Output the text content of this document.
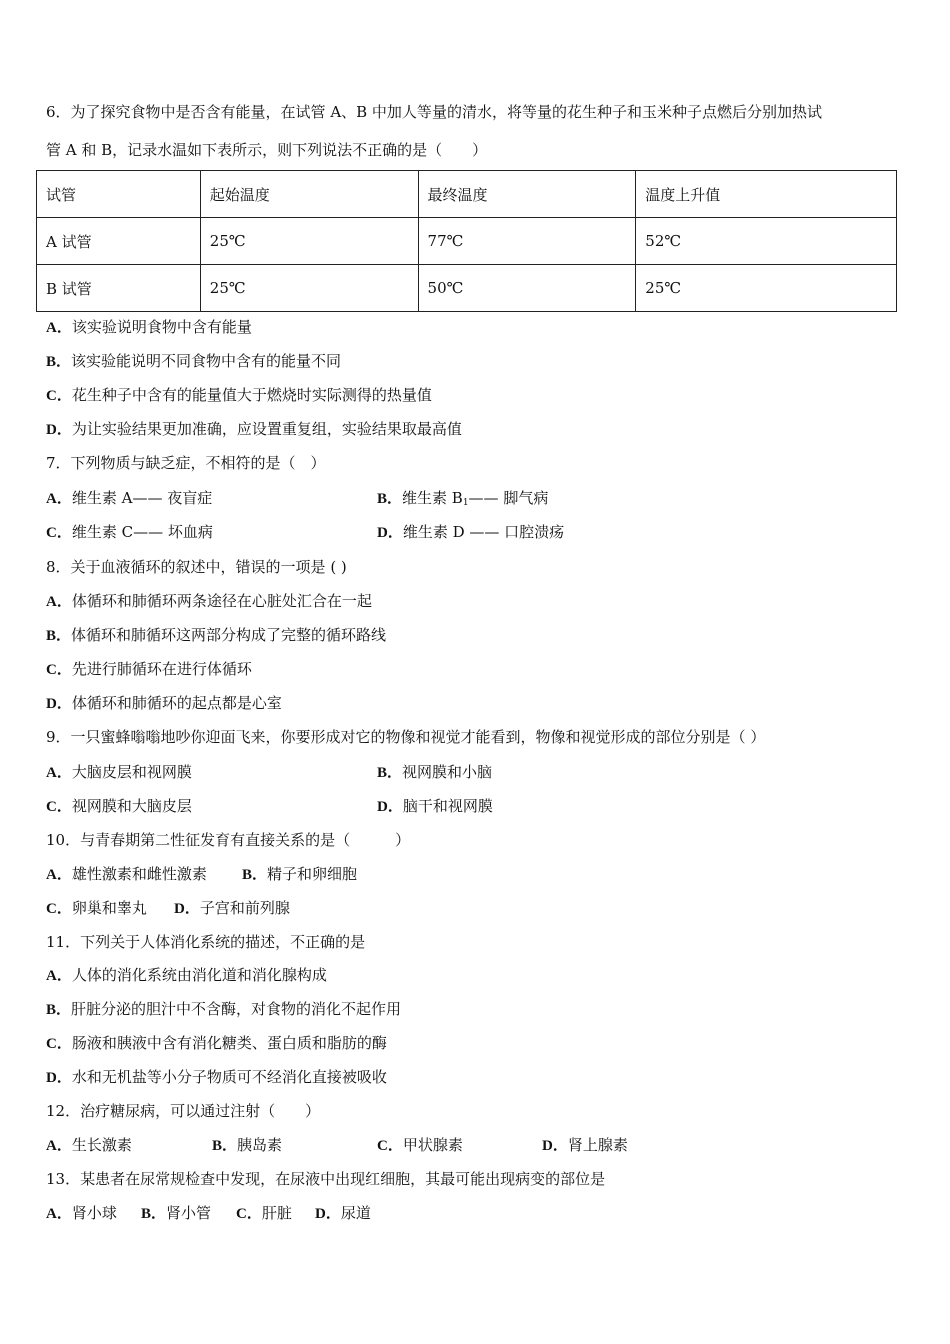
6．为了探究食物中是否含有能量，在试管 A、B 中加人等量的清水，将等量的花生种子和玉米种子点燃后分别加热试
管 A 和 B，记录水温如下表所示，则下列说法不正确的是（　　）
试管	起始温度	最终温度	温度上升值
A 试管	25℃	77℃	52℃
B 试管	25℃	50℃	25℃
A．该实验说明食物中含有能量
B．该实验能说明不同食物中含有的能量不同
C．花生种子中含有的能量值大于燃烧时实际测得的热量值
D．为让实验结果更加准确，应设置重复组，实验结果取最高值
7．下列物质与缺乏症，不相符的是（　）
A．维生素 A—— 夜盲症	B．维生素 $B_1——$ 脚气病
C．维生素 C—— 坏血病	D．维生素 D —— 口腔溃疡
8．关于血液循环的叙述中，错误的一项是 ( )
A．体循环和肺循环两条途径在心脏处汇合在一起
B．体循环和肺循环这两部分构成了完整的循环路线
C．先进行肺循环在进行体循环
D．体循环和肺循环的起点都是心室
9．一只蜜蜂嗡嗡地吵你迎面飞来，你要形成对它的物像和视觉才能看到，物像和视觉形成的部位分别是（ ）
A．大脑皮层和视网膜	B．视网膜和小脑
C．视网膜和大脑皮层	D．脑干和视网膜
10．与青春期第二性征发育有直接关系的是（　　　）
A．雄性激素和雌性激素 B．精子和卵细胞
C．卵巢和睾丸 D．子宫和前列腺
11．下列关于人体消化系统的描述，不正确的是
A．人体的消化系统由消化道和消化腺构成
B．肝脏分泌的胆汁中不含酶，对食物的消化不起作用
C．肠液和胰液中含有消化糖类、蛋白质和脂肪的酶
D．水和无机盐等小分子物质可不经消化直接被吸收
12．治疗糖尿病，可以通过注射（　　）
A．生长激素	B．胰岛素	C．甲状腺素	D．肾上腺素
13．某患者在尿常规检查中发现，在尿液中出现红细胞，其最可能出现病变的部位是
A．肾小球 B．肾小管 C．肝脏 D．尿道
